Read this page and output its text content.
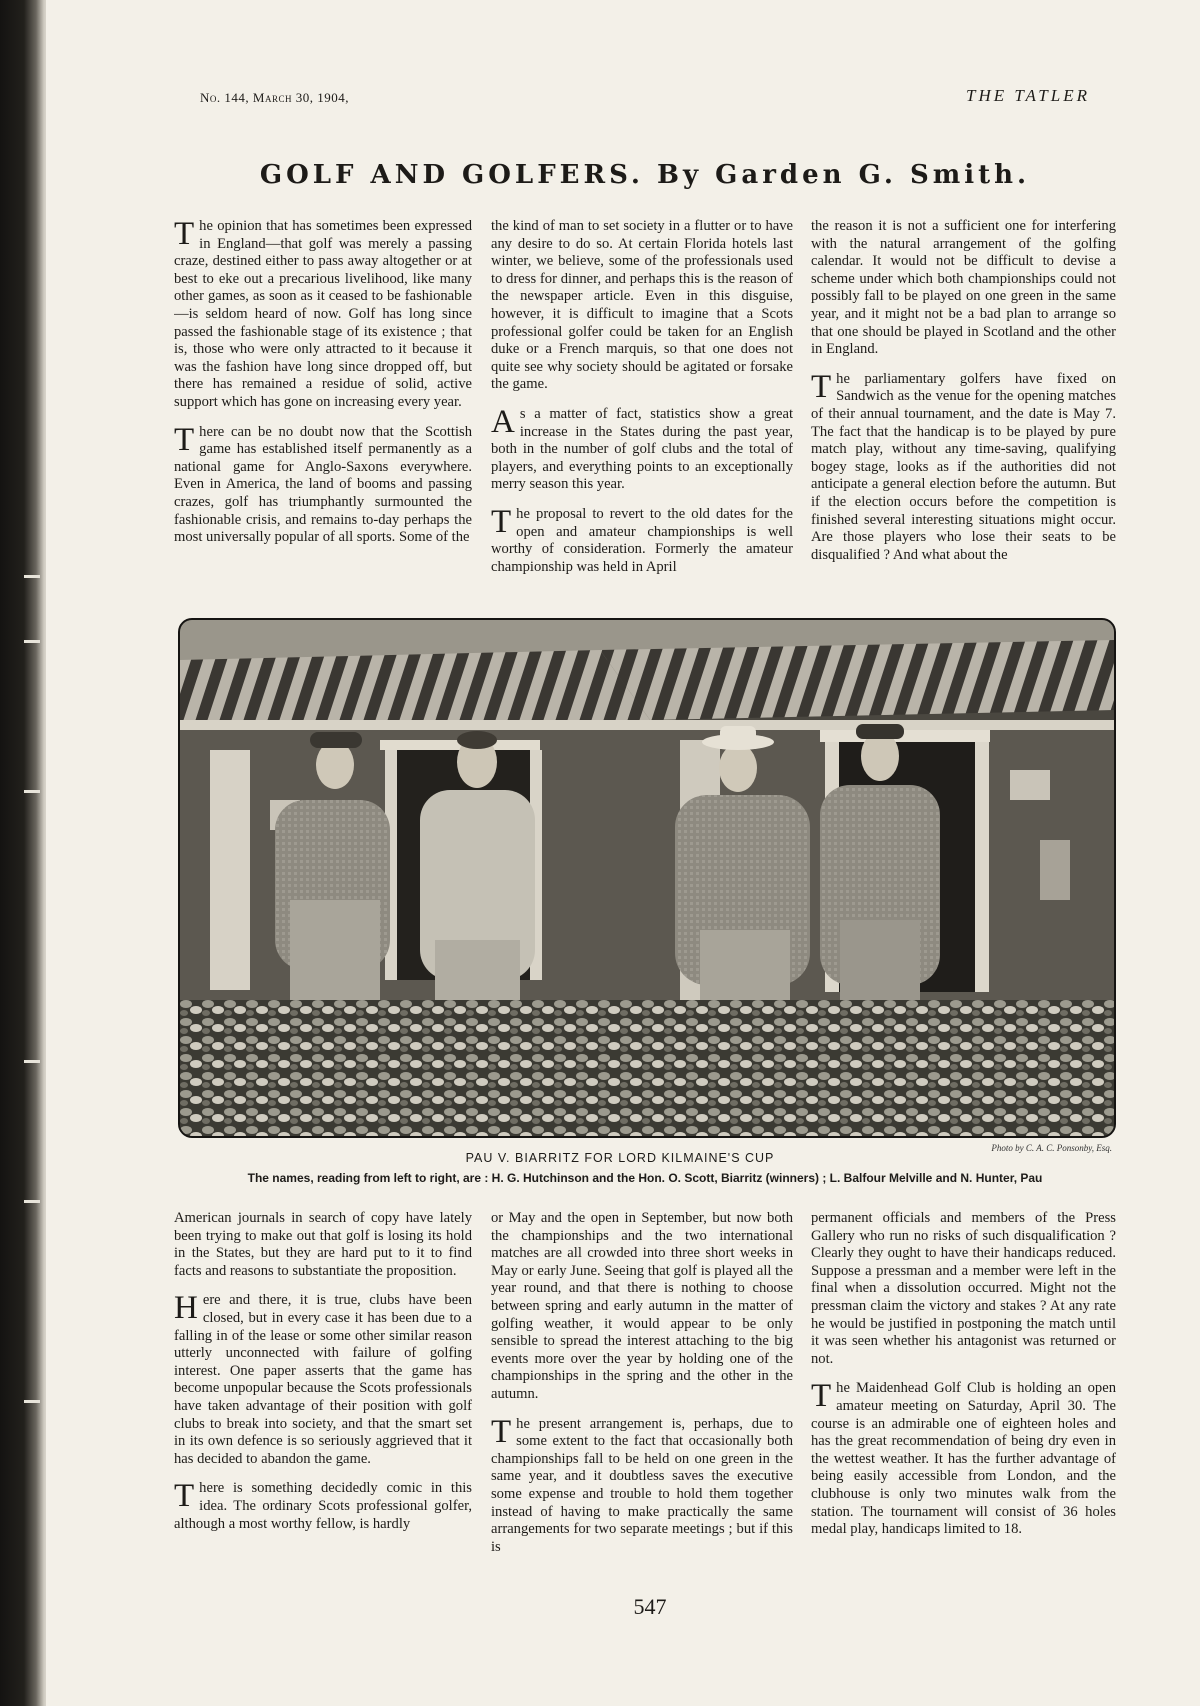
No. 144, March 30, 1904,	THE TATLER
GOLF AND GOLFERS. By Garden G. Smith.

The opinion that has sometimes been expressed in England—that golf was merely a passing craze, destined either to pass away altogether or at best to eke out a precarious livelihood, like many other games, as soon as it ceased to be fashionable—is seldom heard of now. Golf has long since passed the fashionable stage of its existence ; that is, those who were only attracted to it because it was the fashion have long since dropped off, but there has remained a residue of solid, active support which has gone on increasing every year.

There can be no doubt now that the Scottish game has established itself permanently as a national game for Anglo-Saxons everywhere. Even in America, the land of booms and passing crazes, golf has triumphantly surmounted the fashionable crisis, and remains to-day perhaps the most universally popular of all sports. Some of the

the kind of man to set society in a flutter or to have any desire to do so. At certain Florida hotels last winter, we believe, some of the professionals used to dress for dinner, and perhaps this is the reason of the newspaper article. Even in this disguise, however, it is difficult to imagine that a Scots professional golfer could be taken for an English duke or a French marquis, so that one does not quite see why society should be agitated or forsake the game.

As a matter of fact, statistics show a great increase in the States during the past year, both in the number of golf clubs and the total of players, and everything points to an exceptionally merry season this year.

The proposal to revert to the old dates for the open and amateur championships is well worthy of consideration. Formerly the amateur championship was held in April

the reason it is not a sufficient one for interfering with the natural arrangement of the golfing calendar. It would not be difficult to devise a scheme under which both championships could not possibly fall to be played on one green in the same year, and it might not be a bad plan to arrange so that one should be played in Scotland and the other in England.

The parliamentary golfers have fixed on Sandwich as the venue for the opening matches of their annual tournament, and the date is May 7. The fact that the handicap is to be played by pure match play, without any time-saving, qualifying bogey stage, looks as if the authorities did not anticipate a general election before the autumn. But if the election occurs before the competition is finished several interesting situations might occur. Are those players who lose their seats to be disqualified ? And what about the

Photo by C. A. C. Ponsonby, Esq.
PAU V. BIARRITZ FOR LORD KILMAINE'S CUP
The names, reading from left to right, are : H. G. Hutchinson and the Hon. O. Scott, Biarritz (winners) ; L. Balfour Melville and N. Hunter, Pau

American journals in search of copy have lately been trying to make out that golf is losing its hold in the States, but they are hard put to it to find facts and reasons to substantiate the proposition.

Here and there, it is true, clubs have been closed, but in every case it has been due to a falling in of the lease or some other similar reason utterly unconnected with failure of golfing interest. One paper asserts that the game has become unpopular because the Scots professionals have taken advantage of their position with golf clubs to break into society, and that the smart set in its own defence is so seriously aggrieved that it has decided to abandon the game.

There is something decidedly comic in this idea. The ordinary Scots professional golfer, although a most worthy fellow, is hardly

or May and the open in September, but now both the championships and the two international matches are all crowded into three short weeks in May or early June. Seeing that golf is played all the year round, and that there is nothing to choose between spring and early autumn in the matter of golfing weather, it would appear to be only sensible to spread the interest attaching to the big events more over the year by holding one of the championships in the spring and the other in the autumn.

The present arrangement is, perhaps, due to some extent to the fact that occasionally both championships fall to be held on one green in the same year, and it doubtless saves the executive some expense and trouble to hold them together instead of having to make practically the same arrangements for two separate meetings ; but if this is

permanent officials and members of the Press Gallery who run no risks of such disqualification ? Clearly they ought to have their handicaps reduced. Suppose a pressman and a member were left in the final when a dissolution occurred. Might not the pressman claim the victory and stakes ? At any rate he would be justified in postponing the match until it was seen whether his antagonist was returned or not.

The Maidenhead Golf Club is holding an open amateur meeting on Saturday, April 30. The course is an admirable one of eighteen holes and has the great recommendation of being dry even in the wettest weather. It has the further advantage of being easily accessible from London, and the clubhouse is only two minutes walk from the station. The tournament will consist of 36 holes medal play, handicaps limited to 18.

547
